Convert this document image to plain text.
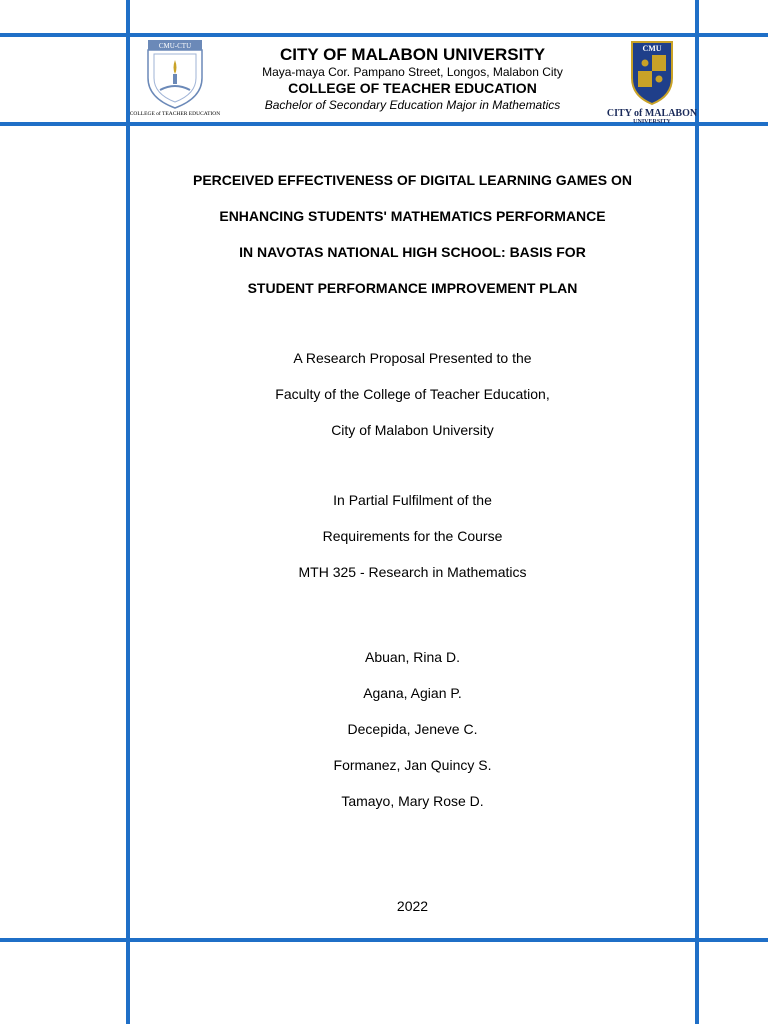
CMU-CTU
COLLEGE of TEACHER EDUCATION
CMU
CITY of MALABON
UNIVERSITY
CITY OF MALABON UNIVERSITY
Maya-maya Cor. Pampano Street, Longos, Malabon City
COLLEGE OF TEACHER EDUCATION
Bachelor of Secondary Education Major in Mathematics
PERCEIVED EFFECTIVENESS OF DIGITAL LEARNING GAMES ON
ENHANCING STUDENTS' MATHEMATICS PERFORMANCE
IN NAVOTAS NATIONAL HIGH SCHOOL: BASIS FOR
STUDENT PERFORMANCE IMPROVEMENT PLAN
A Research Proposal Presented to the
Faculty of the College of Teacher Education,
City of Malabon University
In Partial Fulfilment of the
Requirements for the Course
MTH 325 - Research in Mathematics
Abuan, Rina D.
Agana, Agian P.
Decepida, Jeneve C.
Formanez, Jan Quincy S.
Tamayo, Mary Rose D.
2022
